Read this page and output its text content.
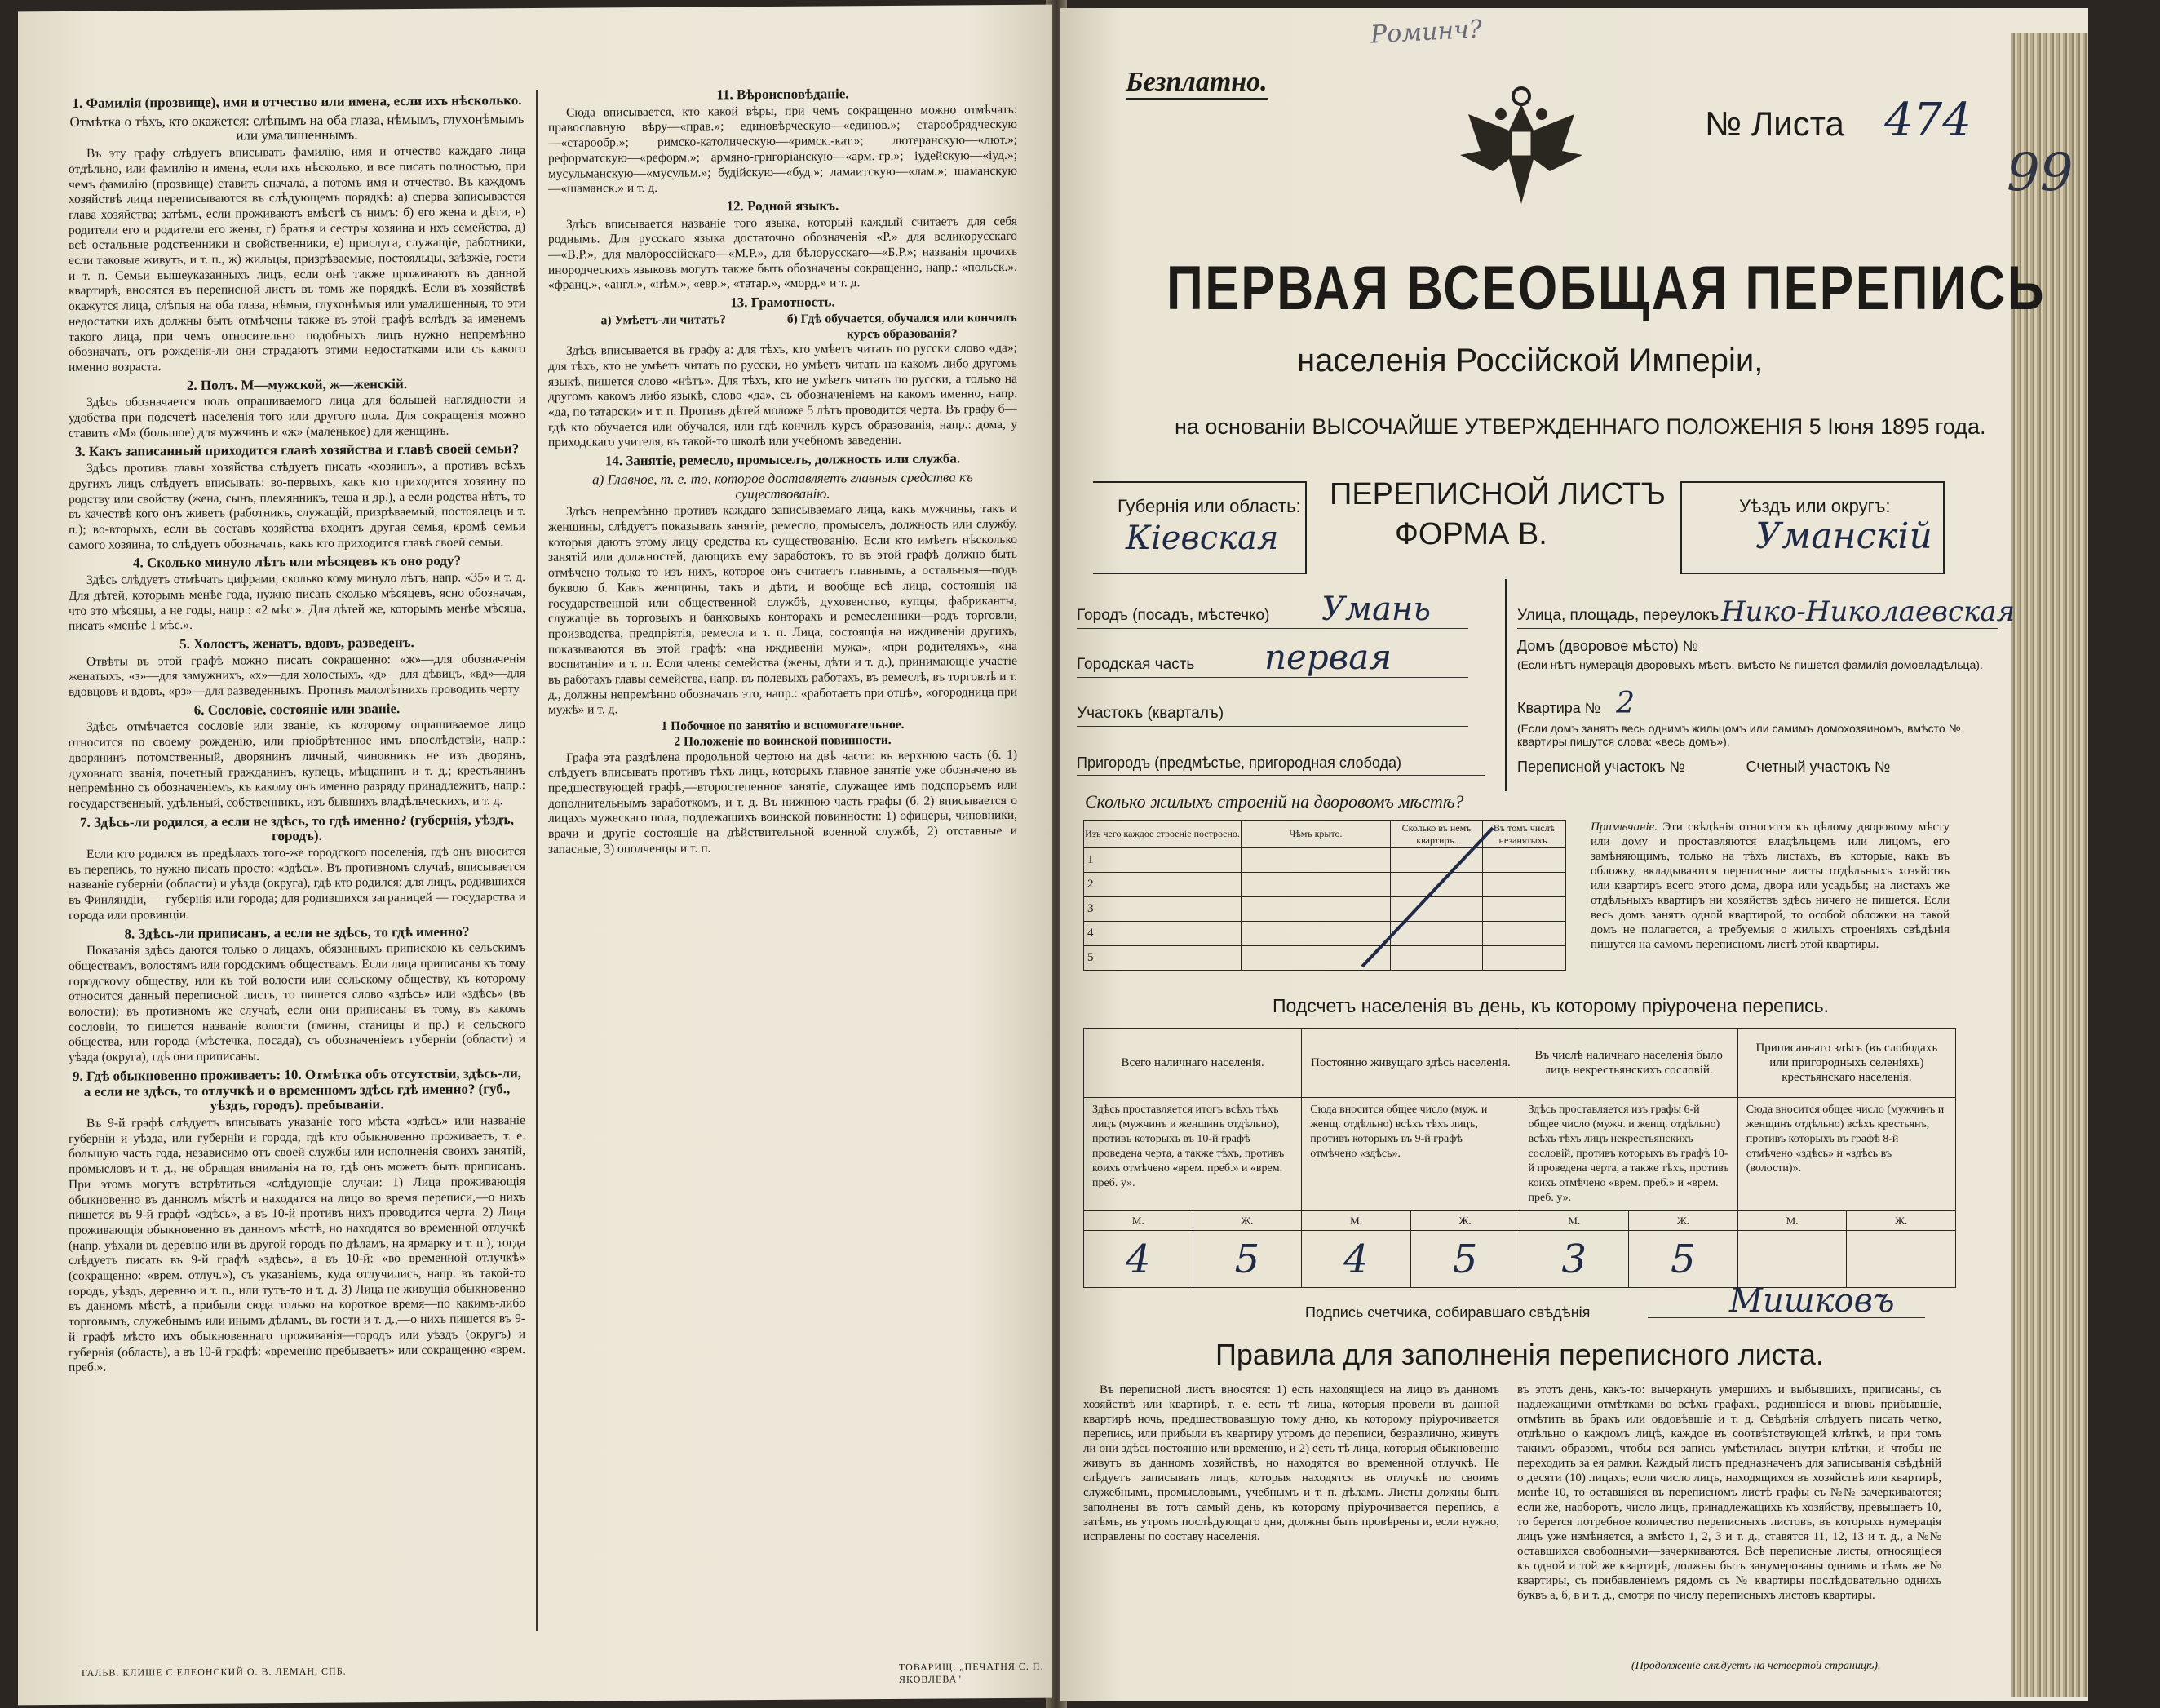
1. Фамилія (прозвище), имя и отчество или имена, если ихъ нѣсколько.
Отмѣтка о тѣхъ, кто окажется: слѣпымъ на оба глаза, нѣмымъ, глухонѣмымъ или умалишеннымъ.

Въ эту графу слѣдуетъ вписывать фамилію, имя и отчество каждаго лица отдѣльно, или фамилію и имена, если ихъ нѣсколько, и все писать полностью, при чемъ фамилію (прозвище) ставить сначала, а потомъ имя и отчество. Въ каждомъ хозяйствѣ лица переписываются въ слѣдующемъ порядкѣ: а) сперва записывается глава хозяйства; затѣмъ, если проживаютъ вмѣстѣ съ нимъ: б) его жена и дѣти, в) родители его и родители его жены, г) братья и сестры хозяина и ихъ семейства, д) всѣ остальные родственники и свойственники, е) прислуга, служащіе, работники, если таковые живутъ, и т. п., ж) жильцы, призрѣваемые, постояльцы, заѣзжіе, гости и т. п. Семьи вышеуказанныхъ лицъ, если онѣ также проживаютъ въ данной квартирѣ, вносятся въ переписной листъ въ томъ же порядкѣ. Если въ хозяйствѣ окажутся лица, слѣпыя на оба глаза, нѣмыя, глухонѣмыя или умалишенныя, то эти недостатки ихъ должны быть отмѣчены также въ этой графѣ вслѣдъ за именемъ такого лица, при чемъ относительно подобныхъ лицъ нужно непремѣнно обозначать, отъ рожденія-ли они страдаютъ этими недостатками или съ какого именно возраста.

2. Полъ. М—мужской, ж—женскій.

Здѣсь обозначается полъ опрашиваемого лица для большей наглядности и удобства при подсчетѣ населенія того или другого пола. Для сокращенія можно ставить «М» (большое) для мужчинъ и «ж» (маленькое) для женщинъ.

3. Какъ записанный приходится главѣ хозяйства и главѣ своей семьи?

Здѣсь противъ главы хозяйства слѣдуетъ писать «хозяинъ», а противъ всѣхъ другихъ лицъ слѣдуетъ вписывать: во-первыхъ, какъ кто приходится хозяину по родству или свойству (жена, сынъ, племянникъ, теща и др.), а если родства нѣтъ, то въ качествѣ кого онъ живетъ (работникъ, служащій, призрѣваемый, постоялецъ и т. п.); во-вторыхъ, если въ составъ хозяйства входитъ другая семья, кромѣ семьи самого хозяина, то слѣдуетъ обозначать, какъ кто приходится главѣ своей семьи.

4. Сколько минуло лѣтъ или мѣсяцевъ къ оно роду?

Здѣсь слѣдуетъ отмѣчать цифрами, сколько кому минуло лѣтъ, напр. «35» и т. д. Для дѣтей, которымъ менѣе года, нужно писать сколько мѣсяцевъ, ясно обозначая, что это мѣсяцы, а не годы, напр.: «2 мѣс.». Для дѣтей же, которымъ менѣе мѣсяца, писать «менѣе 1 мѣс.».

5. Холостъ, женатъ, вдовъ, разведенъ.

Отвѣты въ этой графѣ можно писать сокращенно: «ж»—для обозначенія женатыхъ, «з»—для замужнихъ, «х»—для холостыхъ, «д»—для дѣвицъ, «вд»—для вдовцовъ и вдовъ, «рз»—для разведенныхъ. Противъ малолѣтнихъ проводить черту.

6. Сословіе, состояніе или званіе.

Здѣсь отмѣчается сословіе или званіе, къ которому опрашиваемое лицо относится по своему рожденію, или пріобрѣтенное имъ впослѣдствіи, напр.: дворянинъ потомственный, дворянинъ личный, чиновникъ не изъ дворянъ, духовнаго званія, почетный гражданинъ, купецъ, мѣщанинъ и т. д.; крестьянинъ непремѣнно съ обозначеніемъ, къ какому онъ именно разряду принадлежитъ, напр.: государственный, удѣльный, собственникъ, изъ бывшихъ владѣльческихъ, и т. д.

7. Здѣсь-ли родился, а если не здѣсь, то гдѣ именно? (губернія, уѣздъ, городъ).

Если кто родился въ предѣлахъ того-же городского поселенія, гдѣ онъ вносится въ перепись, то нужно писать просто: «здѣсь». Въ противномъ случаѣ, вписывается названіе губерніи (области) и уѣзда (округа), гдѣ кто родился; для лицъ, родившихся въ Финляндіи, — губернія или города; для родившихся заграницей — государства и города или провинціи.

8. Здѣсь-ли приписанъ, а если не здѣсь, то гдѣ именно?

Показанія здѣсь даются только о лицахъ, обязанныхъ припискою къ сельскимъ обществамъ, волостямъ или городскимъ обществамъ. Если лица приписаны къ тому городскому обществу, или къ той волости или сельскому обществу, къ которому относится данный переписной листъ, то пишется слово «здѣсь» или «здѣсь» (въ волости); въ противномъ же случаѣ, если они приписаны въ тому, въ какомъ сословіи, то пишется названіе волости (гмины, станицы и пр.) и сельского общества, или города (мѣстечка, посада), съ обозначеніемъ губерніи (области) и уѣзда (округа), гдѣ они приписаны.

9. Гдѣ обыкновенно проживаетъ: 10. Отмѣтка объ отсутствіи, здѣсь-ли, а если не здѣсь, то отлучкѣ и о временномъ здѣсь гдѣ именно? (губ., уѣздъ, городъ). пребываніи.

Въ 9-й графѣ слѣдуетъ вписывать указаніе того мѣста «здѣсь» или названіе губерніи и уѣзда, или губерніи и города, гдѣ кто обыкновенно проживаетъ, т. е. большую часть года, независимо отъ своей службы или исполненія своихъ занятій, промысловъ и т. д., не обращая вниманія на то, гдѣ онъ можетъ быть приписанъ. При этомъ могутъ встрѣтиться «слѣдующіе случаи: 1) Лица проживающія обыкновенно въ данномъ мѣстѣ и находятся на лицо во время переписи,—о нихъ пишется въ 9-й графѣ «здѣсь», а въ 10-й противъ нихъ проводится черта. 2) Лица проживающія обыкновенно въ данномъ мѣстѣ, но находятся во временной отлучкѣ (напр. уѣхали въ деревню или въ другой городъ по дѣламъ, на ярмарку и т. п.), тогда слѣдуетъ писать въ 9-й графѣ «здѣсь», а въ 10-й: «во временной отлучкѣ» (сокращенно: «врем. отлуч.»), съ указаніемъ, куда отлучились, напр. въ такой-то городъ, уѣздъ, деревню и т. п., или тутъ-то и т. д. 3) Лица не живущія обыкновенно въ данномъ мѣстѣ, а прибыли сюда только на короткое время—по какимъ-либо торговымъ, служебнымъ или инымъ дѣламъ, въ гости и т. д.,—о нихъ пишется въ 9-й графѣ мѣсто ихъ обыкновеннаго проживанія—городъ или уѣздъ (округъ) и губернія (область), а въ 10-й графѣ: «временно пребываетъ» или сокращенно «врем. преб.».

11. Вѣроисповѣданіе.

Сюда вписывается, кто какой вѣры, при чемъ сокращенно можно отмѣчать: православную вѣру—«прав.»; единовѣрческую—«единов.»; старообрядческую—«старообр.»; римско-католическую—«римск.-кат.»; лютеранскую—«лют.»; реформатскую—«реформ.»; армяно-григоріанскую—«арм.-гр.»; іудейскую—«іуд.»; мусульманскую—«мусульм.»; будійскую—«буд.»; ламаитскую—«лам.»; шаманскую—«шаманск.» и т. д.

12. Родной языкъ.

Здѣсь вписывается названіе того языка, который каждый считаетъ для себя роднымъ. Для русскаго языка достаточно обозначенія «Р.» для великорусскаго—«В.Р.», для малороссійскаго—«М.Р.», для бѣлорусскаго—«Б.Р.»; названія прочихъ инородческихъ языковъ могутъ также быть обозначены сокращенно, напр.: «польск.», «франц.», «англ.», «нѣм.», «евр.», «татар.», «морд.» и т. д.

13. Грамотность.
а) Умѣетъ-ли читать?	б) Гдѣ обучается, обучался или кончилъ курсъ образованія?

Здѣсь вписывается въ графу а: для тѣхъ, кто умѣетъ читать по русски слово «да»; для тѣхъ, кто не умѣетъ читать по русски, но умѣетъ читать на какомъ либо другомъ языкѣ, пишется слово «нѣтъ». Для тѣхъ, кто не умѣетъ читать по русски, а только на другомъ какомъ либо языкѣ, слово «да», съ обозначеніемъ на какомъ именно, напр. «да, по татарски» и т. п. Противъ дѣтей моложе 5 лѣтъ проводится черта. Въ графу б—гдѣ кто обучается или обучался, или гдѣ кончилъ курсъ образованія, напр.: дома, у приходскаго учителя, въ такой-то школѣ или учебномъ заведеніи.

14. Занятіе, ремесло, промыселъ, должность или служба.
а) Главное, т. е. то, которое доставляетъ главныя средства къ существованію.

Здѣсь непремѣнно противъ каждаго записываемаго лица, какъ мужчины, такъ и женщины, слѣдуетъ показывать занятіе, ремесло, промыселъ, должность или службу, которыя даютъ этому лицу средства къ существованію. Если кто имѣетъ нѣсколько занятій или должностей, дающихъ ему заработокъ, то въ этой графѣ должно быть отмѣчено только то изъ нихъ, которое онъ считаетъ главнымъ, а остальныя—подъ буквою б. Какъ женщины, такъ и дѣти, и вообще всѣ лица, состоящія на государственной или общественной службѣ, духовенство, купцы, фабриканты, служащіе въ торговыхъ и банковыхъ конторахъ и ремесленники—родъ торговли, производства, предпріятія, ремесла и т. п. Лица, состоящія на иждивеніи другихъ, показываются въ этой графѣ: «на иждивеніи мужа», «при родителяхъ», «на воспитаніи» и т. п. Если члены семейства (жены, дѣти и т. д.), принимающіе участіе въ работахъ главы семейства, напр. въ полевыхъ работахъ, въ ремеслѣ, въ торговлѣ и т. д., должны непремѣнно обозначать это, напр.: «работаетъ при отцѣ», «огородница при мужѣ» и т. д.

1 Побочное по занятію и вспомогательное.
2 Положеніе по воинской повинности.

Графа эта раздѣлена продольной чертою на двѣ части: въ верхнюю часть (б. 1) слѣдуетъ вписывать противъ тѣхъ лицъ, которыхъ главное занятіе уже обозначено въ предшествующей графѣ,—второстепенное занятіе, служащее имъ подспорьемъ или дополнительнымъ заработкомъ, и т. д. Въ нижнюю часть графы (б. 2) вписывается о лицахъ мужескаго пола, подлежащихъ воинской повинности: 1) офицеры, чиновники, врачи и другіе состоящіе на дѣйствительной военной службѣ, 2) отставные и запасные, 3) ополченцы и т. п.

ГАЛЬВ. КЛИШЕ С.ЕЛЕОНСКИЙ О. В. ЛЕМАН, СПБ.	ТОВАРИЩ. „ПЕЧАТНЯ С. П. ЯКОВЛЕВА"
Роминч?
Безплатно.
№ Листа 474
99
ПЕРВАЯ ВСЕОБЩАЯ ПЕРЕПИСЬ
населенія Россійской Имперіи,
на основаніи ВЫСОЧАЙШЕ УТВЕРЖДЕННАГО ПОЛОЖЕНІЯ 5 Іюня 1895 года.
Губернія или область:
Кіевская
ПЕРЕПИСНОЙ ЛИСТЪ
ФОРМА В.
Уѣздъ или округъ:
Уманскій
Городъ (посадъ, мѣстечко) Умань
Городская часть первая
Участокъ (кварталъ)
Пригородъ (предмѣстье, пригородная слобода)
Улица, площадь, переулокъ Нико-Николаевская
Домъ (дворовое мѣсто) №
(Если нѣтъ нумерація дворовыхъ мѣстъ, вмѣсто № пишется фамилія домовладѣльца).
Квартира № 2
(Если домъ занятъ весь однимъ жильцомъ или самимъ домохозяиномъ, вмѣсто № квартиры пишутся слова: «весь домъ»).
Переписной участокъ №	Счетный участокъ №
Сколько жилыхъ строеній на дворовомъ мѣстѣ?
Изъ чего каждое строеніе построено.	Чѣмъ крыто.	Сколько въ немъ квартиръ.	Въ томъ числѣ незанятыхъ.
1			
2			
3			
4			
5			
Примѣчаніе. Эти свѣдѣнія относятся къ цѣлому дворовому мѣсту или дому и проставляются владѣльцемъ или лицомъ, его замѣняющимъ, только на тѣхъ листахъ, въ которые, какъ въ обложку, вкладываются переписные листы отдѣльныхъ хозяйствъ или квартиръ всего этого дома, двора или усадьбы; на листахъ же отдѣльныхъ квартиръ ни хозяйствъ здѣсь ничего не пишется. Если весь домъ занятъ одной квартирой, то особой обложки на такой домъ не полагается, а требуемыя о жилыхъ строеніяхъ свѣдѣнія пишутся на самомъ переписномъ листѣ этой квартиры.
Подсчетъ населенія въ день, къ которому пріурочена перепись.
Всего наличнаго населенія.		Постоянно живущаго здѣсь населенія.		Въ числѣ наличнаго населенія было лицъ некрестьянскихъ сословій.		Приписаннаго здѣсь (въ слободахъ или пригородныхъ селеніяхъ) крестьянскаго населенія.	
Здѣсь проставляется итогъ всѣхъ тѣхъ лицъ (мужчинъ и женщинъ отдѣльно), противъ которыхъ въ 10-й графѣ проведена черта, а также тѣхъ, противъ коихъ отмѣчено «врем. преб.» и «врем. преб. у».		Сюда вносится общее число (муж. и женщ. отдѣльно) всѣхъ тѣхъ лицъ, противъ которыхъ въ 9-й графѣ отмѣчено «здѣсь».		Здѣсь проставляется изъ графы 6-й общее число (мужч. и женщ. отдѣльно) всѣхъ тѣхъ лицъ некрестьянскихъ сословій, противъ которыхъ въ графѣ 10-й проведена черта, а также тѣхъ, противъ коихъ отмѣчено «врем. преб.» и «врем. преб. у».		Сюда вносится общее число (мужчинъ и женщинъ отдѣльно) всѣхъ крестьянъ, противъ которыхъ въ графѣ 8-й отмѣчено «здѣсь» и «здѣсь въ (волости)».	
М.	Ж.	М.	Ж.	М.	Ж.	М.	Ж.
4	5	4	5	3	5		
Подпись счетчика, собиравшаго свѣдѣнія	Мишковъ
Правила для заполненія переписного листа.
Въ переписной листъ вносятся: 1) есть находящіеся на лицо въ данномъ хозяйствѣ или квартирѣ, т. е. есть тѣ лица, которыя провели въ данной квартирѣ ночь, предшествовавшую тому дню, къ которому пріурочивается перепись, или прибыли въ квартиру утромъ до переписи, безразлично, живутъ ли они здѣсь постоянно или временно, и 2) есть тѣ лица, которыя обыкновенно живутъ въ данномъ хозяйствѣ, но находятся во временной отлучкѣ. Не слѣдуетъ записывать лицъ, которыя находятся въ отлучкѣ по своимъ служебнымъ, промысловымъ, учебнымъ и т. п. дѣламъ. Листы должны быть заполнены въ тотъ самый день, къ которому пріурочивается перепись, а затѣмъ, въ утромъ послѣдующаго дня, должны быть провѣрены и, если нужно, исправлены по составу населенія.
въ этотъ день, какъ-то: вычеркнуть умершихъ и выбывшихъ, приписаны, съ надлежащими отмѣтками во всѣхъ графахъ, родившіеся и вновь прибывшіе, отмѣтить въ бракъ или овдовѣвшіе и т. д. Свѣдѣнія слѣдуетъ писать четко, отдѣльно о каждомъ лицѣ, каждое въ соотвѣтствующей клѣткѣ, и при томъ такимъ образомъ, чтобы вся запись умѣстилась внутри клѣтки, и чтобы не переходить за ея рамки. Каждый листъ предназначенъ для записыванія свѣдѣній о десяти (10) лицахъ; если число лицъ, находящихся въ хозяйствѣ или квартирѣ, менѣе 10, то оставшіяся въ переписномъ листѣ графы съ №№ зачеркиваются; если же, наоборотъ, число лицъ, принадлежащихъ къ хозяйству, превышаетъ 10, то берется потребное количество переписныхъ листовъ, въ которыхъ нумерація лицъ уже измѣняется, а вмѣсто 1, 2, 3 и т. д., ставятся 11, 12, 13 и т. д., а №№ оставшихся свободными—зачеркиваются. Всѣ переписные листы, относящіеся къ одной и той же квартирѣ, должны быть занумерованы однимъ и тѣмъ же № квартиры, съ прибавленіемъ рядомъ съ № квартиры послѣдовательно однихъ буквъ а, б, в и т. д., смотря по числу переписныхъ листовъ квартиры.
(Продолженіе слѣдуетъ на четвертой страницѣ).
